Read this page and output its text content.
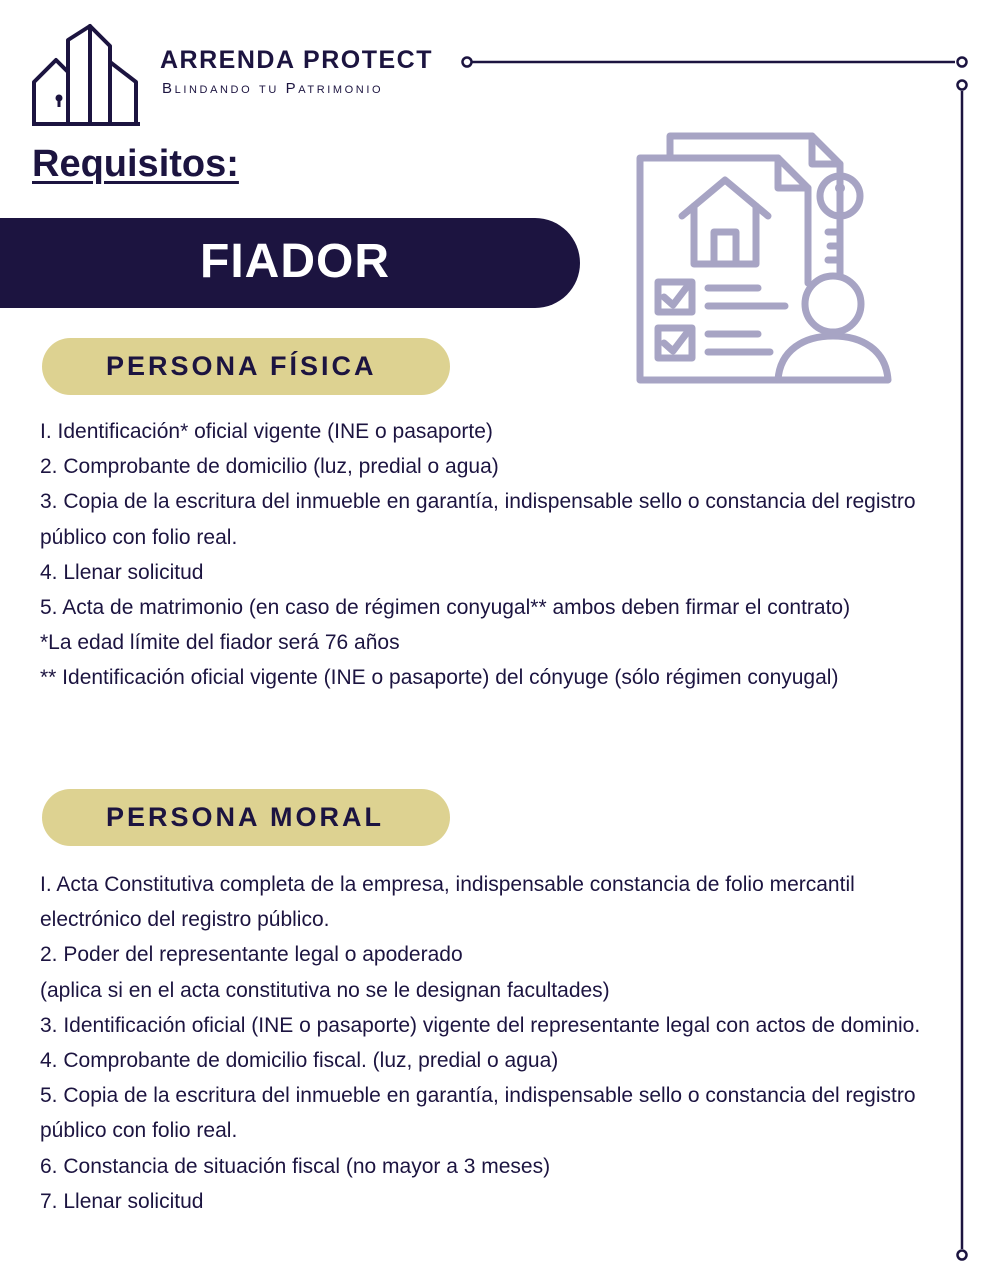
ARRENDA PROTECT
Blindando tu Patrimonio
Requisitos:
FIADOR
PERSONA FÍSICA
I. Identificación* oficial vigente (INE o pasaporte)
2. Comprobante de domicilio (luz, predial o agua)
3. Copia de la escritura del inmueble en garantía, indispensable sello o constancia del registro público con folio real.
4. Llenar solicitud
5. Acta de matrimonio (en caso de régimen conyugal** ambos deben firmar el contrato)
*La edad límite del fiador será 76 años
** Identificación oficial vigente (INE o pasaporte) del cónyuge (sólo régimen conyugal)
PERSONA MORAL
I. Acta Constitutiva completa de la empresa, indispensable constancia de folio mercantil electrónico del registro público.
2. Poder del representante legal o apoderado
(aplica si en el acta constitutiva no se le designan facultades)
3. Identificación oficial (INE o pasaporte) vigente del representante legal con actos de dominio.
4. Comprobante de domicilio fiscal. (luz, predial o agua)
5. Copia de la escritura del inmueble en garantía, indispensable sello o constancia del registro público con folio real.
6. Constancia de situación fiscal (no mayor a 3 meses)
7. Llenar solicitud
